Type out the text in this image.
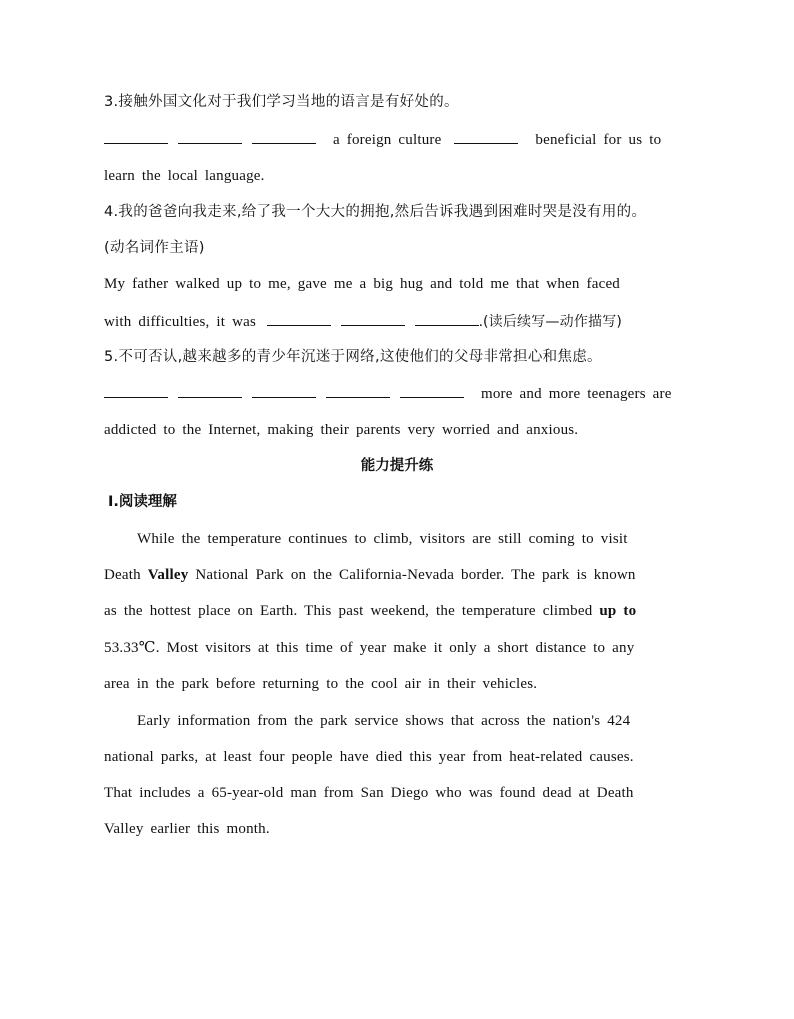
3.接触外国文化对于我们学习当地的语言是有好处的。
a foreign culture	beneficial for us to
learn the local language.
4.我的爸爸向我走来,给了我一个大大的拥抱,然后告诉我遇到困难时哭是没有用的。
(动名词作主语)
My father walked up to me, gave me a big hug and told me that when faced
with difficulties, it was	.(读后续写—动作描写)
5.不可否认,越来越多的青少年沉迷于网络,这使他们的父母非常担心和焦虑。
more and more teenagers are
addicted to the Internet, making their parents very worried and anxious.
能力提升练
Ⅰ.阅读理解
While the temperature continues to climb, visitors are still coming to visit
Death Valley National Park on the California-Nevada border. The park is known
as the hottest place on Earth. This past weekend, the temperature climbed up to
53.33℃. Most visitors at this time of year make it only a short distance to any
area in the park before returning to the cool air in their vehicles.
Early information from the park service shows that across the nation's 424
national parks, at least four people have died this year from heat-related causes.
That includes a 65-year-old man from San Diego who was found dead at Death
Valley earlier this month.
